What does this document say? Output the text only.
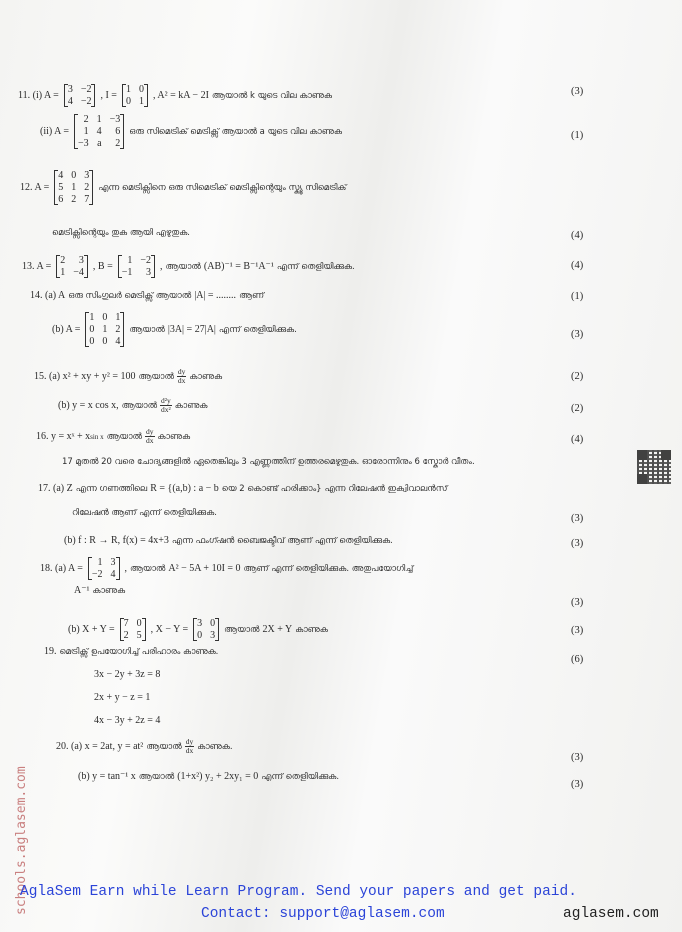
11. (i) A =
3 −2
4 −2
, I =
1 0
0 1
, A² = kA − 2I ആയാൽ k യുടെ വില കാണുക
(ii) A =
2 1 −3
1 4	6
−3 a	2
ഒരു സിമെട്രിക് മെട്രിക്സ് ആയാൽ a യുടെ വില കാണുക
12. A =
4 0 3
5 1 2
6 2 7
എന്ന മെട്രിക്സിനെ ഒരു സിമെട്രിക് മെട്രിക്സിന്റെയും സ്ക്യൂ സിമെട്രിക്
മെട്രിക്സിന്റെയും തുക ആയി എഴുതുക.
13. A =
2	3
1 −4
, B =
1 −2
−1	3
, ആയാൽ (AB)⁻¹ = B⁻¹A⁻¹ എന്ന് തെളിയിക്കുക.
14. (a) A ഒരു സിംഗുലർ മെട്രിക്സ് ആയാൽ |A| = ........ ആണ്
(b) A =
1 0 1
0 1 2
0 0 4
ആയാൽ |3A| = 27|A| എന്ന് തെളിയിക്കുക.
15. (a) x² + xy + y² = 100 ആയാൽ $\frac{dy}{dx}$ കാണുക
(b) y = x cos x, ആയാൽ $\frac{\text{d²y}}{\text{dx²}}$ കാണുക
16. y = xˣ + x sin x ആയാൽ $\frac{dy}{dx}$ കാണുക
17 മുതൽ 20 വരെ ചോദ്യങ്ങളിൽ ഏതെങ്കിലും 3 എണ്ണത്തിന് ഉത്തരമെഴുതുക. ഓരോന്നിനും 6 സ്കോർ വീതം.
17. (a) Z എന്ന ഗണത്തിലെ R = {(a,b) : a − b യെ 2 കൊണ്ട് ഹരിക്കാം} എന്ന റിലേഷൻ ഇക്വിവാലൻസ്
റിലേഷൻ ആണ് എന്ന് തെളിയിക്കുക.
(b) f : R → R, f(x) = 4x+3 എന്ന ഫംഗ്ഷൻ ബൈജക്ടീവ് ആണ് എന്ന് തെളിയിക്കുക.
18. (a) A =
1 3
−2 4
, ആയാൽ A² − 5A + 10I = 0 ആണ് എന്ന് തെളിയിക്കുക. അതുപയോഗിച്ച്
A⁻¹ കാണുക
(b) X + Y =
7 0
2 5
, X − Y =
3 0
0 3
ആയാൽ 2X + Y കാണുക
19. മെട്രിക്സ് ഉപയോഗിച്ച് പരിഹാരം കാണുക.
3x − 2y + 3z = 8
2x + y − z = 1
4x − 3y + 2z = 4
20. (a) x = 2at, y = at² ആയാൽ $\frac{dy}{dx}$ കാണുക.
(b) y = tan⁻¹ x ആയാൽ (1+x²) y₂ + 2xy₁ = 0 എന്ന് തെളിയിക്കുക.
(3)
(1)
(4)
(4)
(1)
(3)
(2)
(2)
(4)
(3)
(3)
(3)
(3)
(6)
(3)
(3)
schools.aglasem.com
AglaSem Earn while Learn Program. Send your papers and get paid.
Contact: support@aglasem.com	aglasem.com
